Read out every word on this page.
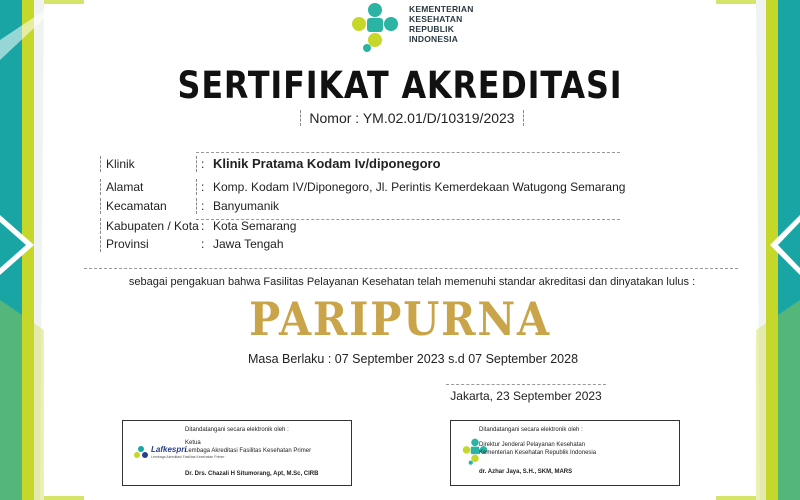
KEMENTERIAN
KESEHATAN
REPUBLIK
INDONESIA
SERTIFIKAT AKREDITASI
Nomor : YM.02.01/D/10319/2023
Klinik	: Klinik Pratama Kodam Iv/diponegoro
Alamat	: Komp. Kodam IV/Diponegoro, Jl. Perintis Kemerdekaan Watugong Semarang
Kecamatan	: Banyumanik
Kabupaten / Kota : Kota Semarang
Provinsi	: Jawa Tengah
sebagai pengakuan bahwa Fasilitas Pelayanan Kesehatan telah memenuhi standar akreditasi dan dinyatakan lulus :
PARIPURNA
Masa Berlaku : 07 September 2023 s.d 07 September 2028
Jakarta, 23 September 2023
Lafkespri
Lembaga Akreditasi Fasilitas Kesehatan Primer
Ditandatangani secara elektronik oleh :
Ketua
Lembaga Akreditasi Fasilitas Kesehatan Primer
Dr. Drs. Chazali H Situmorang, Apt, M.Sc, CIRB
Ditandatangani secara elektronik oleh :
Direktur Jenderal Pelayanan Kesehatan
Kementerian Kesehatan Republik Indonesia
dr. Azhar Jaya, S.H., SKM, MARS
